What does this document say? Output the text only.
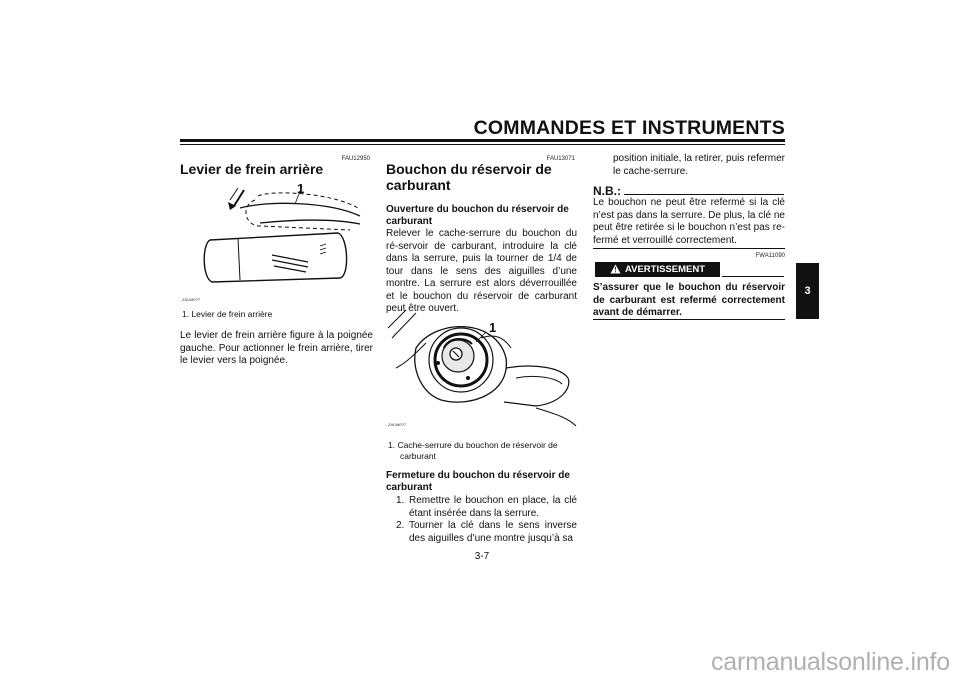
COMMANDES ET INSTRUMENTS
3
FAU12950
Levier de frein arrière
1
ZAUM0??
1. Levier de frein arrière
Le levier de frein arrière figure à la poignée gauche. Pour actionner le frein arrière, tirer le levier vers la poignée.
FAU13071
Bouchon du réservoir de
carburant
Ouverture du bouchon du réservoir de
carburant
Relever le cache-serrure du bouchon du ré-servoir de carburant, introduire la clé dans la serrure, puis la tourner de 1/4 de tour dans le sens des aiguilles d’une montre. La serrure est alors déverrouillée et le bouchon du réservoir de carburant peut être ouvert.
1
ZAUM0??
1. Cache-serrure du bouchon de réservoir de
carburant
Fermeture du bouchon du réservoir de
carburant
1. Remettre le bouchon en place, la clé étant insérée dans la serrure.
2. Tourner la clé dans le sens inverse des aiguilles d’une montre jusqu’à sa
position initiale, la retirer, puis refermer le cache-serrure.
N.B.:
Le bouchon ne peut être refermé si la clé n’est pas dans la serrure. De plus, la clé ne peut être retirée si le bouchon n’est pas re-fermé et verrouillé correctement.
FWA11090
AVERTISSEMENT
S’assurer que le bouchon du réservoir de carburant est refermé correctement avant de démarrer.
3-7
carmanualsonline.info
